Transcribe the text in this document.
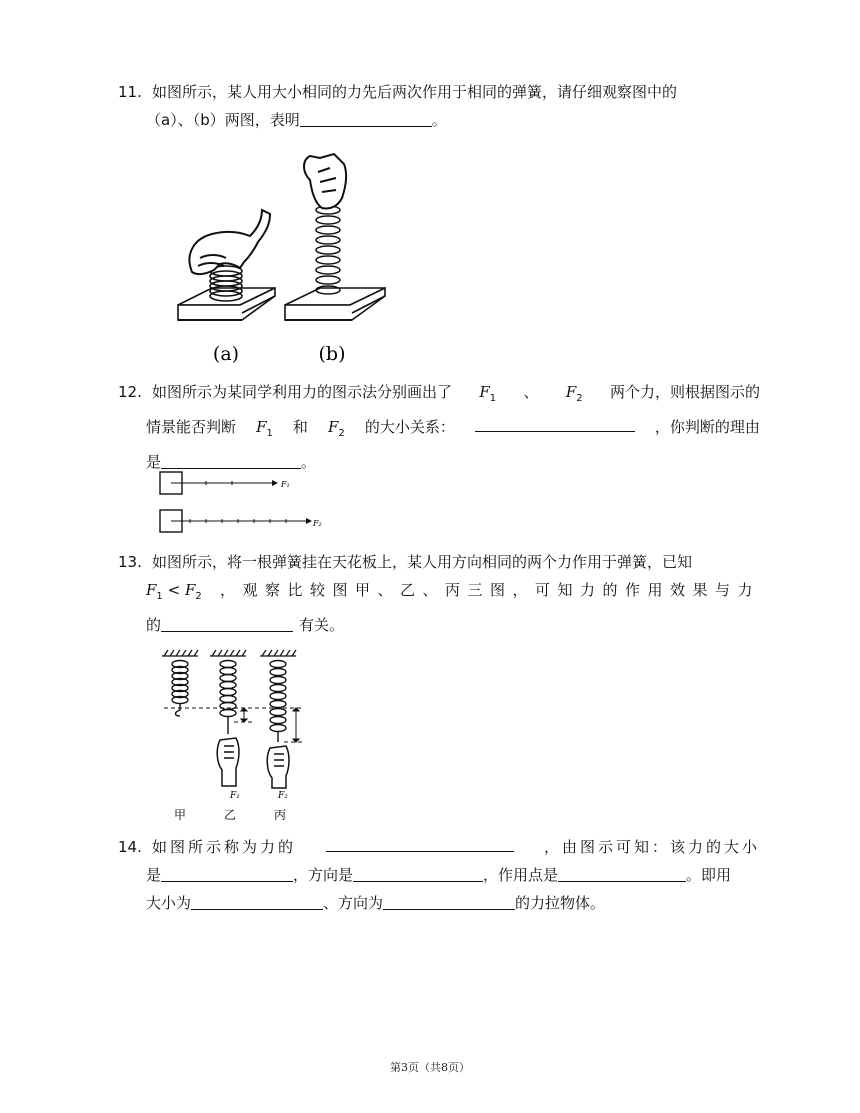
11. 如图所示，某人用大小相同的力先后两次作用于相同的弹簧，请仔细观察图中的
（a）、（b）两图，表明	。
(a)	(b)
12. 如图所示为某同学利用力的图示法分别画出了 $F_1$ 、 $F_2$ 两个力，则根据图示的
情景能否判断 $F_1$ 和 $F_2$ 的大小关系：	，你判断的理由
是	。
F₁
F₂
13. 如图所示，将一根弹簧挂在天花板上，某人用方向相同的两个力作用于弹簧，已知
$F_1 < F_2$ ，观察比较图甲、乙、丙三图，可知力的作用效果与力
的	有关。
F₁	F₂
甲	乙	丙
14. 如图所示称为力的	，由图示可知：该力的大小
是	，方向是	，作用点是	。即用
大小为	、方向为	的力拉物体。
第3页（共8页）
